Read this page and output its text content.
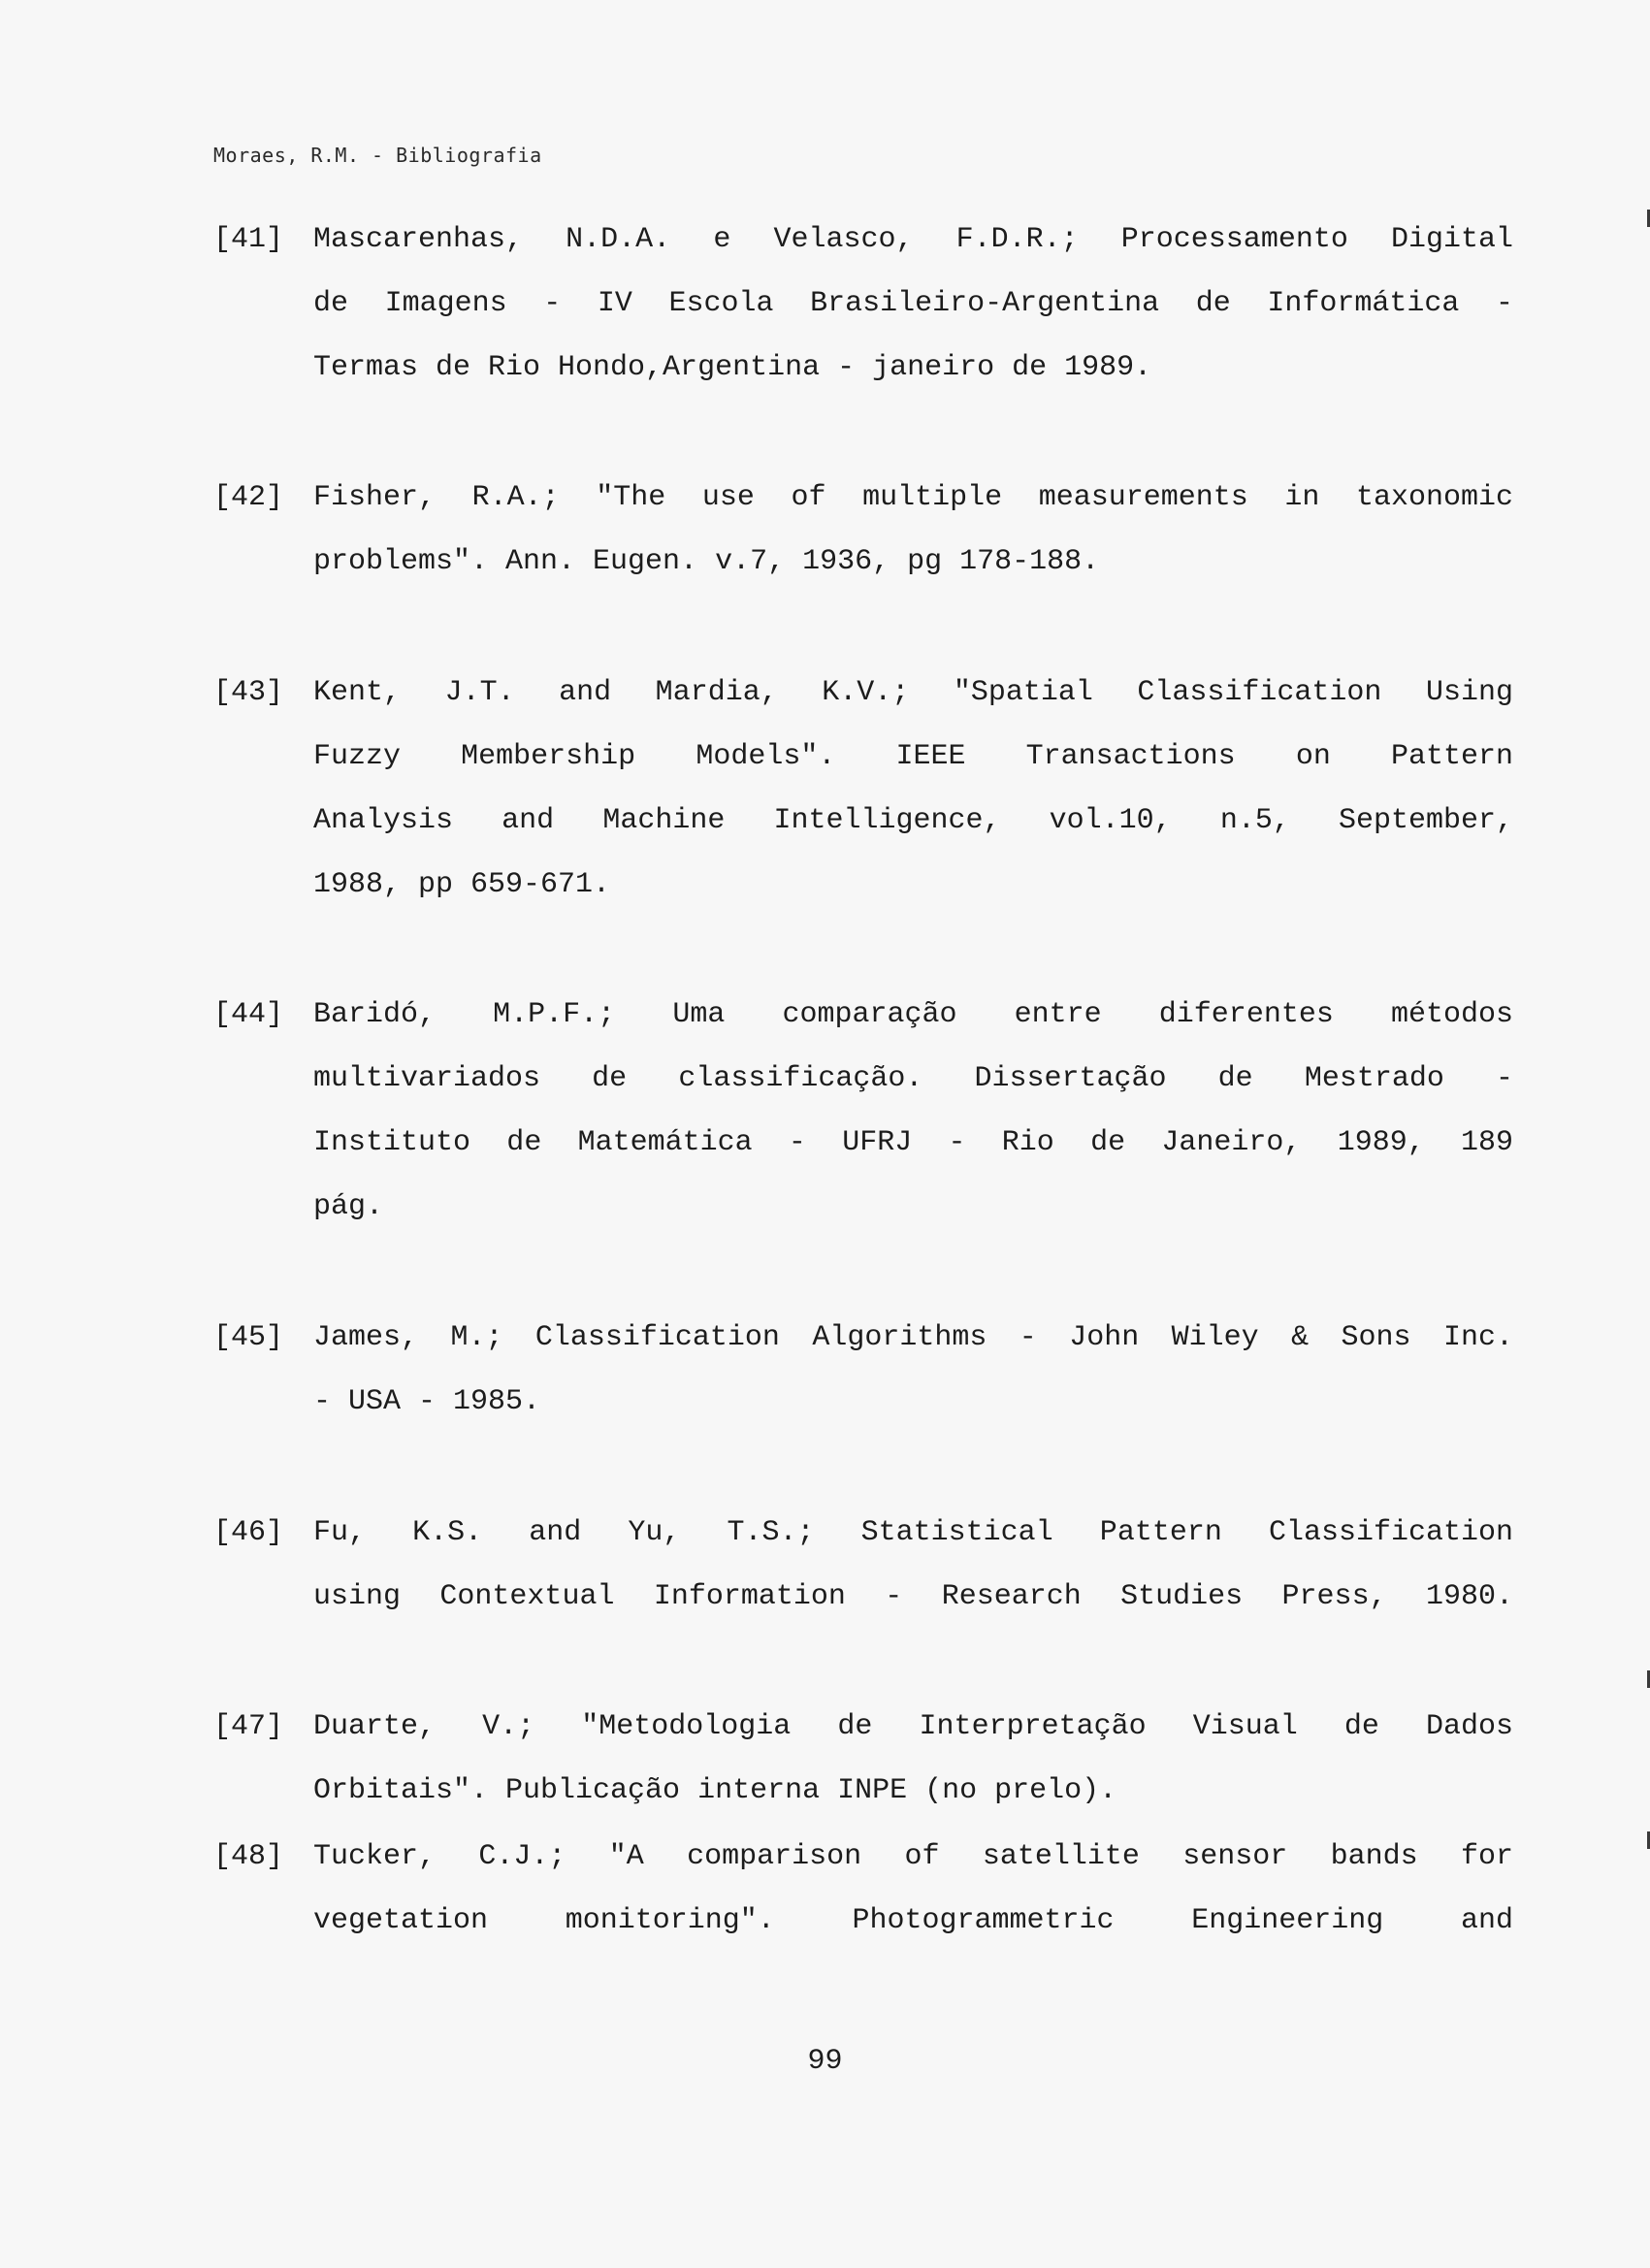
Moraes, R.M. - Bibliografia
[41] Mascarenhas, N.D.A. e Velasco, F.D.R.; Processamento Digital
de Imagens - IV Escola Brasileiro-Argentina de Informática -
Termas de Rio Hondo,Argentina - janeiro de 1989.
[42] Fisher, R.A.; "The use of multiple measurements in taxonomic
problems". Ann. Eugen. v.7, 1936, pg 178-188.
[43] Kent, J.T. and Mardia, K.V.; "Spatial Classification Using
Fuzzy Membership Models". IEEE Transactions on Pattern
Analysis and Machine Intelligence, vol.10, n.5, September,
1988, pp 659-671.
[44] Baridó, M.P.F.; Uma comparação entre diferentes métodos
multivariados de classificação. Dissertação de Mestrado -
Instituto de Matemática - UFRJ - Rio de Janeiro, 1989, 189
pág.
[45] James, M.; Classification Algorithms - John Wiley & Sons Inc.
- USA - 1985.
[46] Fu, K.S. and Yu, T.S.; Statistical Pattern Classification
using Contextual Information - Research Studies Press, 1980.
[47] Duarte, V.; "Metodologia de Interpretação Visual de Dados
Orbitais". Publicação interna INPE (no prelo).
[48] Tucker, C.J.; "A comparison of satellite sensor bands for
vegetation monitoring". Photogrammetric Engineering and
99
